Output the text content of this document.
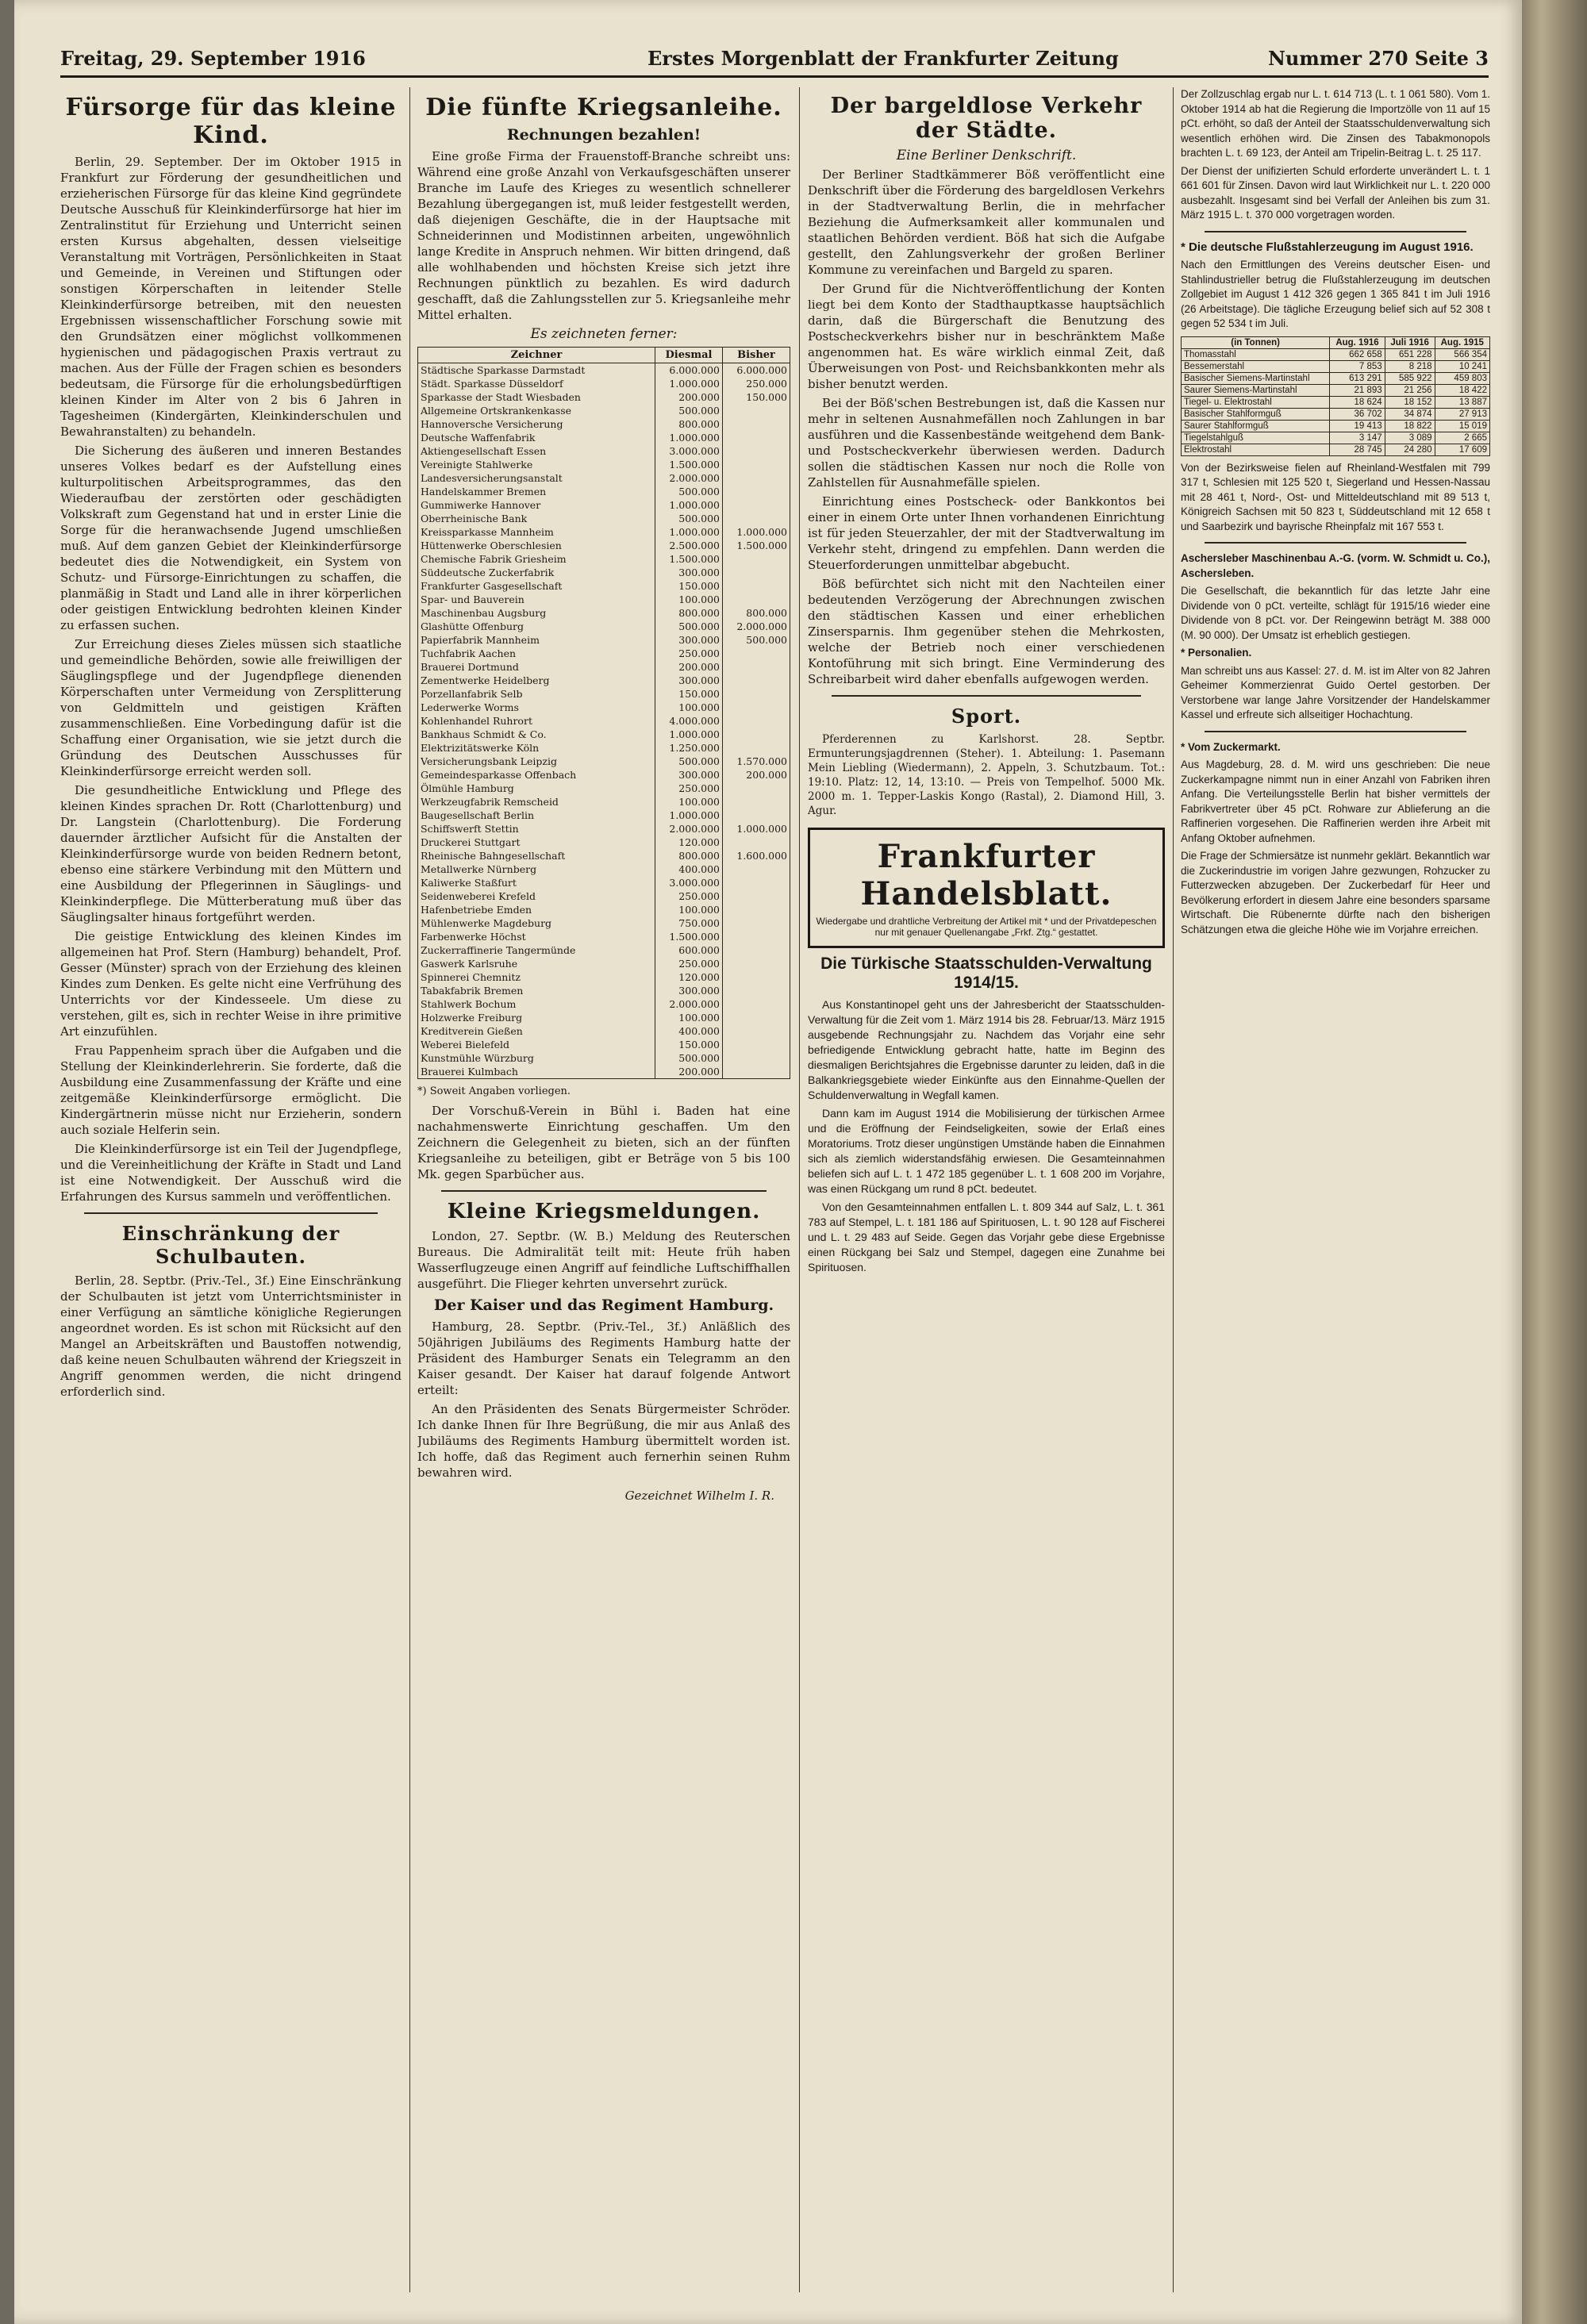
Freitag, 29. September 1916	Erstes Morgenblatt der Frankfurter Zeitung	Nummer 270 Seite 3
Fürsorge für das kleine Kind.

Berlin, 29. September. Der im Oktober 1915 in Frankfurt zur Förderung der gesundheitlichen und erzieherischen Fürsorge für das kleine Kind gegründete Deutsche Ausschuß für Kleinkinderfürsorge hat hier im Zentralinstitut für Erziehung und Unterricht seinen ersten Kursus abgehalten, dessen vielseitige Veranstaltung mit Vorträgen, Persönlichkeiten in Staat und Gemeinde, in Vereinen und Stiftungen oder sonstigen Körperschaften in leitender Stelle Kleinkinderfürsorge betreiben, mit den neuesten Ergebnissen wissenschaftlicher Forschung sowie mit den Grundsätzen einer möglichst vollkommenen hygienischen und pädagogischen Praxis vertraut zu machen. Aus der Fülle der Fragen schien es besonders bedeutsam, die Fürsorge für die erholungsbedürftigen kleinen Kinder im Alter von 2 bis 6 Jahren in Tagesheimen (Kindergärten, Kleinkinderschulen und Bewahranstalten) zu behandeln.

Die Sicherung des äußeren und inneren Bestandes unseres Volkes bedarf es der Aufstellung eines kulturpolitischen Arbeitsprogrammes, das den Wiederaufbau der zerstörten oder geschädigten Volkskraft zum Gegenstand hat und in erster Linie die Sorge für die heranwachsende Jugend umschließen muß. Auf dem ganzen Gebiet der Kleinkinderfürsorge bedeutet dies die Notwendigkeit, ein System von Schutz- und Fürsorge-Einrichtungen zu schaffen, die planmäßig in Stadt und Land alle in ihrer körperlichen oder geistigen Entwicklung bedrohten kleinen Kinder zu erfassen suchen.

Zur Erreichung dieses Zieles müssen sich staatliche und gemeindliche Behörden, sowie alle freiwilligen der Säuglingspflege und der Jugendpflege dienenden Körperschaften unter Vermeidung von Zersplitterung von Geldmitteln und geistigen Kräften zusammenschließen. Eine Vorbedingung dafür ist die Schaffung einer Organisation, wie sie jetzt durch die Gründung des Deutschen Ausschusses für Kleinkinderfürsorge erreicht werden soll.

Die gesundheitliche Entwicklung und Pflege des kleinen Kindes sprachen Dr. Rott (Charlottenburg) und Dr. Langstein (Charlottenburg). Die Forderung dauernder ärztlicher Aufsicht für die Anstalten der Kleinkinderfürsorge wurde von beiden Rednern betont, ebenso eine stärkere Verbindung mit den Müttern und eine Ausbildung der Pflegerinnen in Säuglings- und Kleinkinderpflege. Die Mütterberatung muß über das Säuglingsalter hinaus fortgeführt werden.

Die geistige Entwicklung des kleinen Kindes im allgemeinen hat Prof. Stern (Hamburg) behandelt, Prof. Gesser (Münster) sprach von der Erziehung des kleinen Kindes zum Denken. Es gelte nicht eine Verfrühung des Unterrichts vor der Kindesseele. Um diese zu verstehen, gilt es, sich in rechter Weise in ihre primitive Art einzufühlen.

Frau Pappenheim sprach über die Aufgaben und die Stellung der Kleinkinderlehrerin. Sie forderte, daß die Ausbildung eine Zusammenfassung der Kräfte und eine zeitgemäße Kleinkinderfürsorge ermöglicht. Die Kindergärtnerin müsse nicht nur Erzieherin, sondern auch soziale Helferin sein.

Die Kleinkinderfürsorge ist ein Teil der Jugendpflege, und die Vereinheitlichung der Kräfte in Stadt und Land ist eine Notwendigkeit. Der Ausschuß wird die Erfahrungen des Kursus sammeln und veröffentlichen.

Einschränkung der Schulbauten.

Berlin, 28. Septbr. (Priv.-Tel., 3f.) Eine Einschränkung der Schulbauten ist jetzt vom Unterrichtsminister in einer Verfügung an sämtliche königliche Regierungen angeordnet worden. Es ist schon mit Rücksicht auf den Mangel an Arbeitskräften und Baustoffen notwendig, daß keine neuen Schulbauten während der Kriegszeit in Angriff genommen werden, die nicht dringend erforderlich sind.

Die fünfte Kriegsanleihe.
Rechnungen bezahlen!

Eine große Firma der Frauenstoff-Branche schreibt uns: Während eine große Anzahl von Verkaufsgeschäften unserer Branche im Laufe des Krieges zu wesentlich schnellerer Bezahlung übergegangen ist, muß leider festgestellt werden, daß diejenigen Geschäfte, die in der Hauptsache mit Schneiderinnen und Modistinnen arbeiten, ungewöhnlich lange Kredite in Anspruch nehmen. Wir bitten dringend, daß alle wohlhabenden und höchsten Kreise sich jetzt ihre Rechnungen pünktlich zu bezahlen. Es wird dadurch geschafft, daß die Zahlungsstellen zur 5. Kriegsanleihe mehr Mittel erhalten.

Es zeichneten ferner:
Zeichner	Diesmal	Bisher
Städtische Sparkasse Darmstadt	6.000.000	6.000.000
Städt. Sparkasse Düsseldorf	1.000.000	250.000
Sparkasse der Stadt Wiesbaden	200.000	150.000
Allgemeine Ortskrankenkasse	500.000	
Hannoversche Versicherung	800.000	
Deutsche Waffenfabrik	1.000.000	
Aktiengesellschaft Essen	3.000.000	
Vereinigte Stahlwerke	1.500.000	
Landesversicherungsanstalt	2.000.000	
Handelskammer Bremen	500.000	
Gummiwerke Hannover	1.000.000	
Oberrheinische Bank	500.000	
Kreissparkasse Mannheim	1.000.000	1.000.000
Hüttenwerke Oberschlesien	2.500.000	1.500.000
Chemische Fabrik Griesheim	1.500.000	
Süddeutsche Zuckerfabrik	300.000	
Frankfurter Gasgesellschaft	150.000	
Spar- und Bauverein	100.000	
Maschinenbau Augsburg	800.000	800.000
Glashütte Offenburg	500.000	2.000.000
Papierfabrik Mannheim	300.000	500.000
Tuchfabrik Aachen	250.000	
Brauerei Dortmund	200.000	
Zementwerke Heidelberg	300.000	
Porzellanfabrik Selb	150.000	
Lederwerke Worms	100.000	
Kohlenhandel Ruhrort	4.000.000	
Bankhaus Schmidt & Co.	1.000.000	
Elektrizitätswerke Köln	1.250.000	
Versicherungsbank Leipzig	500.000	1.570.000
Gemeindesparkasse Offenbach	300.000	200.000
Ölmühle Hamburg	250.000	
Werkzeugfabrik Remscheid	100.000	
Baugesellschaft Berlin	1.000.000	
Schiffswerft Stettin	2.000.000	1.000.000
Druckerei Stuttgart	120.000	
Rheinische Bahngesellschaft	800.000	1.600.000
Metallwerke Nürnberg	400.000	
Kaliwerke Staßfurt	3.000.000	
Seidenweberei Krefeld	250.000	
Hafenbetriebe Emden	100.000	
Mühlenwerke Magdeburg	750.000	
Farbenwerke Höchst	1.500.000	
Zuckerraffinerie Tangermünde	600.000	
Gaswerk Karlsruhe	250.000	
Spinnerei Chemnitz	120.000	
Tabakfabrik Bremen	300.000	
Stahlwerk Bochum	2.000.000	
Holzwerke Freiburg	100.000	
Kreditverein Gießen	400.000	
Weberei Bielefeld	150.000	
Kunstmühle Würzburg	500.000	
Brauerei Kulmbach	200.000	

*) Soweit Angaben vorliegen.

Der Vorschuß-Verein in Bühl i. Baden hat eine nachahmenswerte Einrichtung geschaffen. Um den Zeichnern die Gelegenheit zu bieten, sich an der fünften Kriegsanleihe zu beteiligen, gibt er Beträge von 5 bis 100 Mk. gegen Sparbücher aus.

Kleine Kriegsmeldungen.

London, 27. Septbr. (W. B.) Meldung des Reuterschen Bureaus. Die Admiralität teilt mit: Heute früh haben Wasserflugzeuge einen Angriff auf feindliche Luftschiffhallen ausgeführt. Die Flieger kehrten unversehrt zurück.

Der Kaiser und das Regiment Hamburg.

Hamburg, 28. Septbr. (Priv.-Tel., 3f.) Anläßlich des 50jährigen Jubiläums des Regiments Hamburg hatte der Präsident des Hamburger Senats ein Telegramm an den Kaiser gesandt. Der Kaiser hat darauf folgende Antwort erteilt:

An den Präsidenten des Senats Bürgermeister Schröder. Ich danke Ihnen für Ihre Begrüßung, die mir aus Anlaß des Jubiläums des Regiments Hamburg übermittelt worden ist. Ich hoffe, daß das Regiment auch fernerhin seinen Ruhm bewahren wird.

Gezeichnet Wilhelm I. R.
Der bargeldlose Verkehr der Städte.
Eine Berliner Denkschrift.

Der Berliner Stadtkämmerer Böß veröffentlicht eine Denkschrift über die Förderung des bargeldlosen Verkehrs in der Stadtverwaltung Berlin, die in mehrfacher Beziehung die Aufmerksamkeit aller kommunalen und staatlichen Behörden verdient. Böß hat sich die Aufgabe gestellt, den Zahlungsverkehr der großen Berliner Kommune zu vereinfachen und Bargeld zu sparen.

Der Grund für die Nichtveröffentlichung der Konten liegt bei dem Konto der Stadthauptkasse hauptsächlich darin, daß die Bürgerschaft die Benutzung des Postscheckverkehrs bisher nur in beschränktem Maße angenommen hat. Es wäre wirklich einmal Zeit, daß Überweisungen von Post- und Reichsbankkonten mehr als bisher benutzt werden.

Bei der Böß'schen Bestrebungen ist, daß die Kassen nur mehr in seltenen Ausnahmefällen noch Zahlungen in bar ausführen und die Kassenbestände weitgehend dem Bank- und Postscheckverkehr überwiesen werden. Dadurch sollen die städtischen Kassen nur noch die Rolle von Zahlstellen für Ausnahmefälle spielen.

Einrichtung eines Postscheck- oder Bankkontos bei einer in einem Orte unter Ihnen vorhandenen Einrichtung ist für jeden Steuerzahler, der mit der Stadtverwaltung im Verkehr steht, dringend zu empfehlen. Dann werden die Steuerforderungen unmittelbar abgebucht.

Böß befürchtet sich nicht mit den Nachteilen einer bedeutenden Verzögerung der Abrechnungen zwischen den städtischen Kassen und einer erheblichen Zinsersparnis. Ihm gegenüber stehen die Mehrkosten, welche der Betrieb noch einer verschiedenen Kontoführung mit sich bringt. Eine Verminderung des Schreibarbeit wird daher ebenfalls aufgewogen werden.

Sport.

Pferderennen zu Karlshorst. 28. Septbr. Ermunterungsjagdrennen (Steher). 1. Abteilung: 1. Pasemann Mein Liebling (Wiedermann), 2. Appeln, 3. Schutzbaum. Tot.: 19:10. Platz: 12, 14, 13:10. — Preis von Tempelhof. 5000 Mk. 2000 m. 1. Tepper-Laskis Kongo (Rastal), 2. Diamond Hill, 3. Agur.

Frankfurter Handelsblatt.
Wiedergabe und drahtliche Verbreitung der Artikel mit * und der Privatdepeschen nur mit genauer Quellenangabe „Frkf. Ztg.“ gestattet.
Die Türkische Staatsschulden-Verwaltung 1914/15.

Aus Konstantinopel geht uns der Jahresbericht der Staatsschulden-Verwaltung für die Zeit vom 1. März 1914 bis 28. Februar/13. März 1915 ausgebende Rechnungsjahr zu. Nachdem das Vorjahr eine sehr befriedigende Entwicklung gebracht hatte, hatte im Beginn des diesmaligen Berichtsjahres die Ergebnisse darunter zu leiden, daß in die Balkankriegsgebiete wieder Einkünfte aus den Einnahme-Quellen der Schuldenverwaltung in Wegfall kamen.

Dann kam im August 1914 die Mobilisierung der türkischen Armee und die Eröffnung der Feindseligkeiten, sowie der Erlaß eines Moratoriums. Trotz dieser ungünstigen Umstände haben die Einnahmen sich als ziemlich widerstandsfähig erwiesen. Die Gesamteinnahmen beliefen sich auf L. t. 1 472 185 gegenüber L. t. 1 608 200 im Vorjahre, was einen Rückgang um rund 8 pCt. bedeutet.

Von den Gesamteinnahmen entfallen L. t. 809 344 auf Salz, L. t. 361 783 auf Stempel, L. t. 181 186 auf Spirituosen, L. t. 90 128 auf Fischerei und L. t. 29 483 auf Seide. Gegen das Vorjahr gebe diese Ergebnisse einen Rückgang bei Salz und Stempel, dagegen eine Zunahme bei Spirituosen.

Der Zollzuschlag ergab nur L. t. 614 713 (L. t. 1 061 580). Vom 1. Oktober 1914 ab hat die Regierung die Importzölle von 11 auf 15 pCt. erhöht, so daß der Anteil der Staatsschuldenverwaltung sich wesentlich erhöhen wird. Die Zinsen des Tabakmonopols brachten L. t. 69 123, der Anteil am Tripelin-Beitrag L. t. 25 117.

Der Dienst der unifizierten Schuld erforderte unverändert L. t. 1 661 601 für Zinsen. Davon wird laut Wirklichkeit nur L. t. 220 000 ausbezahlt. Insgesamt sind bei Verfall der Anleihen bis zum 31. März 1915 L. t. 370 000 vorgetragen worden.

* Die deutsche Flußstahlerzeugung im August 1916.

Nach den Ermittlungen des Vereins deutscher Eisen- und Stahlindustrieller betrug die Flußstahlerzeugung im deutschen Zollgebiet im August 1 412 326 gegen 1 365 841 t im Juli 1916 (26 Arbeitstage). Die tägliche Erzeugung belief sich auf 52 308 t gegen 52 534 t im Juli.

(in Tonnen)	Aug. 1916	Juli 1916	Aug. 1915
Thomasstahl	662 658	651 228	566 354
Bessemerstahl	7 853	8 218	10 241
Basischer Siemens-Martinstahl	613 291	585 922	459 803
Saurer Siemens-Martinstahl	21 893	21 256	18 422
Tiegel- u. Elektrostahl	18 624	18 152	13 887
Basischer Stahlformguß	36 702	34 874	27 913
Saurer Stahlformguß	19 413	18 822	15 019
Tiegelstahlguß	3 147	3 089	2 665
Elektrostahl	28 745	24 280	17 609

Von der Bezirksweise fielen auf Rheinland-Westfalen mit 799 317 t, Schlesien mit 125 520 t, Siegerland und Hessen-Nassau mit 28 461 t, Nord-, Ost- und Mitteldeutschland mit 89 513 t, Königreich Sachsen mit 50 823 t, Süddeutschland mit 12 658 t und Saarbezirk und bayrische Rheinpfalz mit 167 553 t.

Aschersleber Maschinenbau A.-G. (vorm. W. Schmidt u. Co.), Aschersleben.

Die Gesellschaft, die bekanntlich für das letzte Jahr eine Dividende von 0 pCt. verteilte, schlägt für 1915/16 wieder eine Dividende von 8 pCt. vor. Der Reingewinn beträgt M. 388 000 (M. 90 000). Der Umsatz ist erheblich gestiegen.

* Personalien.

Man schreibt uns aus Kassel: 27. d. M. ist im Alter von 82 Jahren Geheimer Kommerzienrat Guido Oertel gestorben. Der Verstorbene war lange Jahre Vorsitzender der Handelskammer Kassel und erfreute sich allseitiger Hochachtung.

* Vom Zuckermarkt.

Aus Magdeburg, 28. d. M. wird uns geschrieben: Die neue Zuckerkampagne nimmt nun in einer Anzahl von Fabriken ihren Anfang. Die Verteilungsstelle Berlin hat bisher vermittels der Fabrikvertreter über 45 pCt. Rohware zur Ablieferung an die Raffinerien vorgesehen. Die Raffinerien werden ihre Arbeit mit Anfang Oktober aufnehmen.

Die Frage der Schmiersätze ist nunmehr geklärt. Bekanntlich war die Zuckerindustrie im vorigen Jahre gezwungen, Rohzucker zu Futterzwecken abzugeben. Der Zuckerbedarf für Heer und Bevölkerung erfordert in diesem Jahre eine besonders sparsame Wirtschaft. Die Rübenernte dürfte nach den bisherigen Schätzungen etwa die gleiche Höhe wie im Vorjahre erreichen.
